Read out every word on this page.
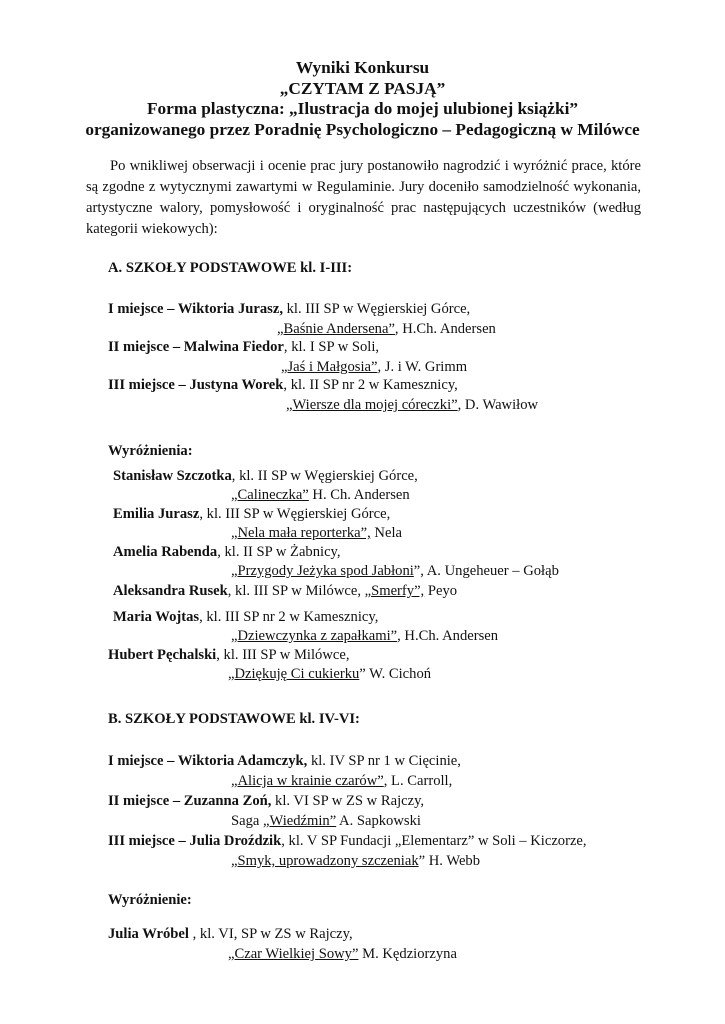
Wyniki Konkursu
„CZYTAM Z PASJĄ”
Forma plastyczna: „Ilustracja do mojej ulubionej książki”
organizowanego przez Poradnię Psychologiczno – Pedagogiczną w Milówce

Po wnikliwej obserwacji i ocenie prac jury postanowiło nagrodzić i wyróżnić prace, które są zgodne z wytycznymi zawartymi w Regulaminie. Jury doceniło samodzielność wykonania, artystyczne walory, pomysłowość i oryginalność prac następujących uczestników (według kategorii wiekowych):

A. SZKOŁY PODSTAWOWE kl. I-III:
I miejsce – Wiktoria Jurasz, kl. III SP w Węgierskiej Górce,
„Baśnie Andersena”, H.Ch. Andersen
II miejsce – Malwina Fiedor, kl. I SP w Soli,
„Jaś i Małgosia”, J. i W. Grimm
III miejsce – Justyna Worek, kl. II SP nr 2 w Kamesznicy,
„Wiersze dla mojej córeczki”, D. Wawiłow
Wyróżnienia:
Stanisław Szczotka, kl. II SP w Węgierskiej Górce,
„Calineczka” H. Ch. Andersen
Emilia Jurasz, kl. III SP w Węgierskiej Górce,
„Nela mała reporterka”, Nela
Amelia Rabenda, kl. II SP w Żabnicy,
„Przygody Jeżyka spod Jabłoni”, A. Ungeheuer – Gołąb
Aleksandra Rusek, kl. III SP w Milówce, „Smerfy”, Peyo
Maria Wojtas, kl. III SP nr 2 w Kamesznicy,
„Dziewczynka z zapałkami”, H.Ch. Andersen
Hubert Pęchalski, kl. III SP w Milówce,
„Dziękuję Ci cukierku” W. Cichoń
B. SZKOŁY PODSTAWOWE kl. IV-VI:
I miejsce – Wiktoria Adamczyk, kl. IV SP nr 1 w Cięcinie,
„Alicja w krainie czarów”, L. Carroll,
II miejsce – Zuzanna Zoń, kl. VI SP w ZS w Rajczy,
Saga „Wiedźmin” A. Sapkowski
III miejsce – Julia Droździk, kl. V SP Fundacji „Elementarz” w Soli – Kiczorze,
„Smyk, uprowadzony szczeniak” H. Webb
Wyróżnienie:
Julia Wróbel , kl. VI, SP w ZS w Rajczy,
„Czar Wielkiej Sowy” M. Kędziorzyna
